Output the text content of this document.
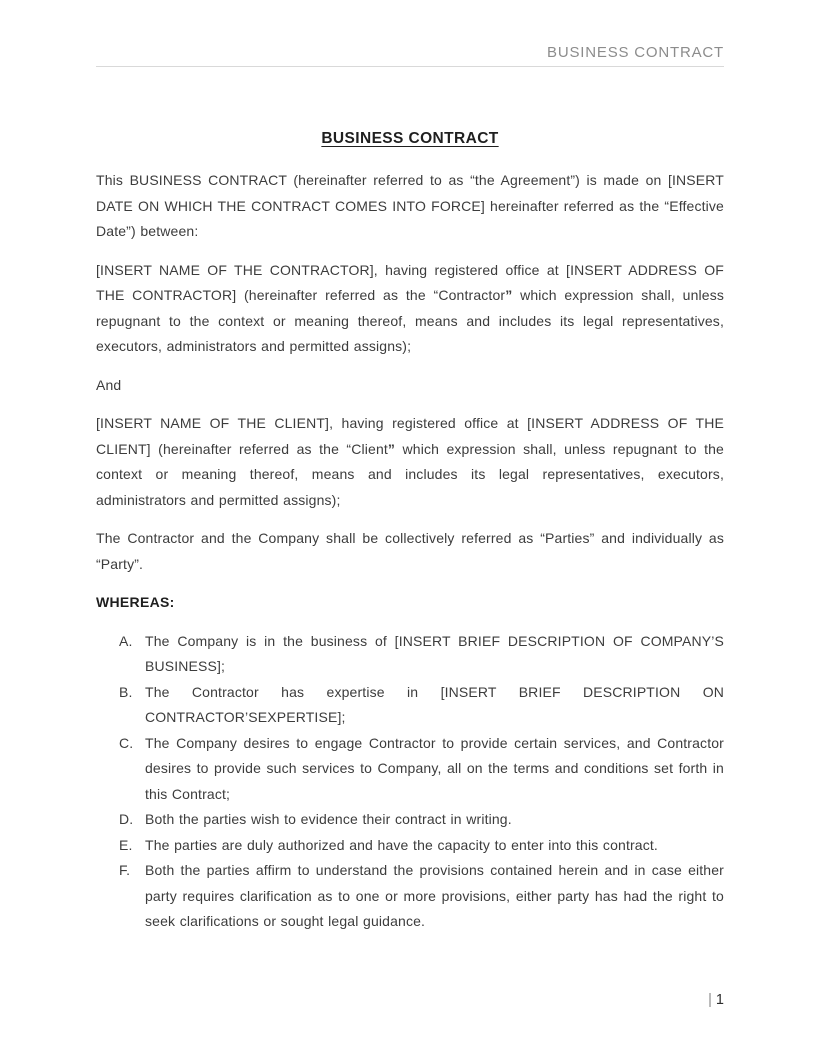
BUSINESS CONTRACT
BUSINESS CONTRACT

This BUSINESS CONTRACT (hereinafter referred to as “the Agreement”) is made on [INSERT DATE ON WHICH THE CONTRACT COMES INTO FORCE] hereinafter referred as the “Effective Date”) between:

[INSERT NAME OF THE CONTRACTOR], having registered office at [INSERT ADDRESS OF THE CONTRACTOR] (hereinafter referred as the “Contractor” which expression shall, unless repugnant to the context or meaning thereof, means and includes its legal representatives, executors, administrators and permitted assigns);

And

[INSERT NAME OF THE CLIENT], having registered office at [INSERT ADDRESS OF THE CLIENT] (hereinafter referred as the “Client” which expression shall, unless repugnant to the context or meaning thereof, means and includes its legal representatives, executors, administrators and permitted assigns);

The Contractor and the Company shall be collectively referred as “Parties” and individually as “Party”.

WHEREAS:

The Company is in the business of [INSERT BRIEF DESCRIPTION OF COMPANY’S BUSINESS];
The Contractor has expertise in [INSERT BRIEF DESCRIPTION ON CONTRACTOR’SEXPERTISE];
The Company desires to engage Contractor to provide certain services, and Contractor desires to provide such services to Company, all on the terms and conditions set forth in this Contract;
Both the parties wish to evidence their contract in writing.
The parties are duly authorized and have the capacity to enter into this contract.
Both the parties affirm to understand the provisions contained herein and in case either party requires clarification as to one or more provisions, either party has had the right to seek clarifications or sought legal guidance.
| 1
